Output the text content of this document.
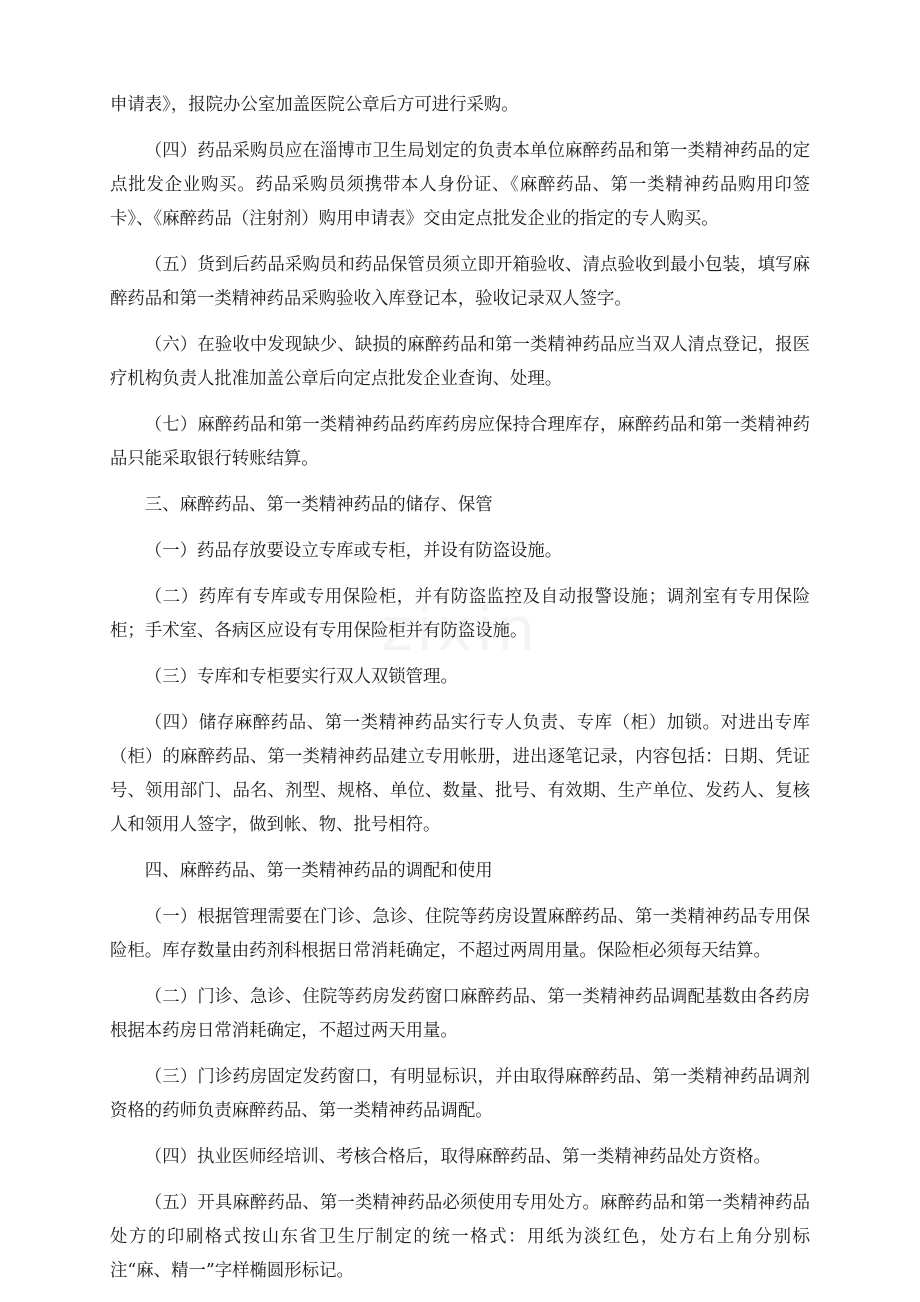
申请表》，报院办公室加盖医院公章后方可进行采购。

（四）药品采购员应在淄博市卫生局划定的负责本单位麻醉药品和第一类精神药品的定点批发企业购买。药品采购员须携带本人身份证、《麻醉药品、第一类精神药品购用印签卡》、《麻醉药品（注射剂）购用申请表》交由定点批发企业的指定的专人购买。

（五）货到后药品采购员和药品保管员须立即开箱验收、清点验收到最小包装，填写麻醉药品和第一类精神药品采购验收入库登记本，验收记录双人签字。

（六）在验收中发现缺少、缺损的麻醉药品和第一类精神药品应当双人清点登记，报医疗机构负责人批准加盖公章后向定点批发企业查询、处理。

（七）麻醉药品和第一类精神药品药库药房应保持合理库存，麻醉药品和第一类精神药品只能采取银行转账结算。

三、麻醉药品、第一类精神药品的储存、保管

（一）药品存放要设立专库或专柜，并设有防盗设施。

（二）药库有专库或专用保险柜，并有防盗监控及自动报警设施；调剂室有专用保险柜；手术室、各病区应设有专用保险柜并有防盗设施。

（三）专库和专柜要实行双人双锁管理。

（四）储存麻醉药品、第一类精神药品实行专人负责、专库（柜）加锁。对进出专库（柜）的麻醉药品、第一类精神药品建立专用帐册，进出逐笔记录，内容包括：日期、凭证号、领用部门、品名、剂型、规格、单位、数量、批号、有效期、生产单位、发药人、复核人和领用人签字，做到帐、物、批号相符。

四、麻醉药品、第一类精神药品的调配和使用

（一）根据管理需要在门诊、急诊、住院等药房设置麻醉药品、第一类精神药品专用保险柜。库存数量由药剂科根据日常消耗确定，不超过两周用量。保险柜必须每天结算。

（二）门诊、急诊、住院等药房发药窗口麻醉药品、第一类精神药品调配基数由各药房根据本药房日常消耗确定，不超过两天用量。

（三）门诊药房固定发药窗口，有明显标识，并由取得麻醉药品、第一类精神药品调剂资格的药师负责麻醉药品、第一类精神药品调配。

（四）执业医师经培训、考核合格后，取得麻醉药品、第一类精神药品处方资格。

（五）开具麻醉药品、第一类精神药品必须使用专用处方。麻醉药品和第一类精神药品处方的印刷格式按山东省卫生厅制定的统一格式：用纸为淡红色，处方右上角分别标注“麻、精一”字样椭圆形标记。
